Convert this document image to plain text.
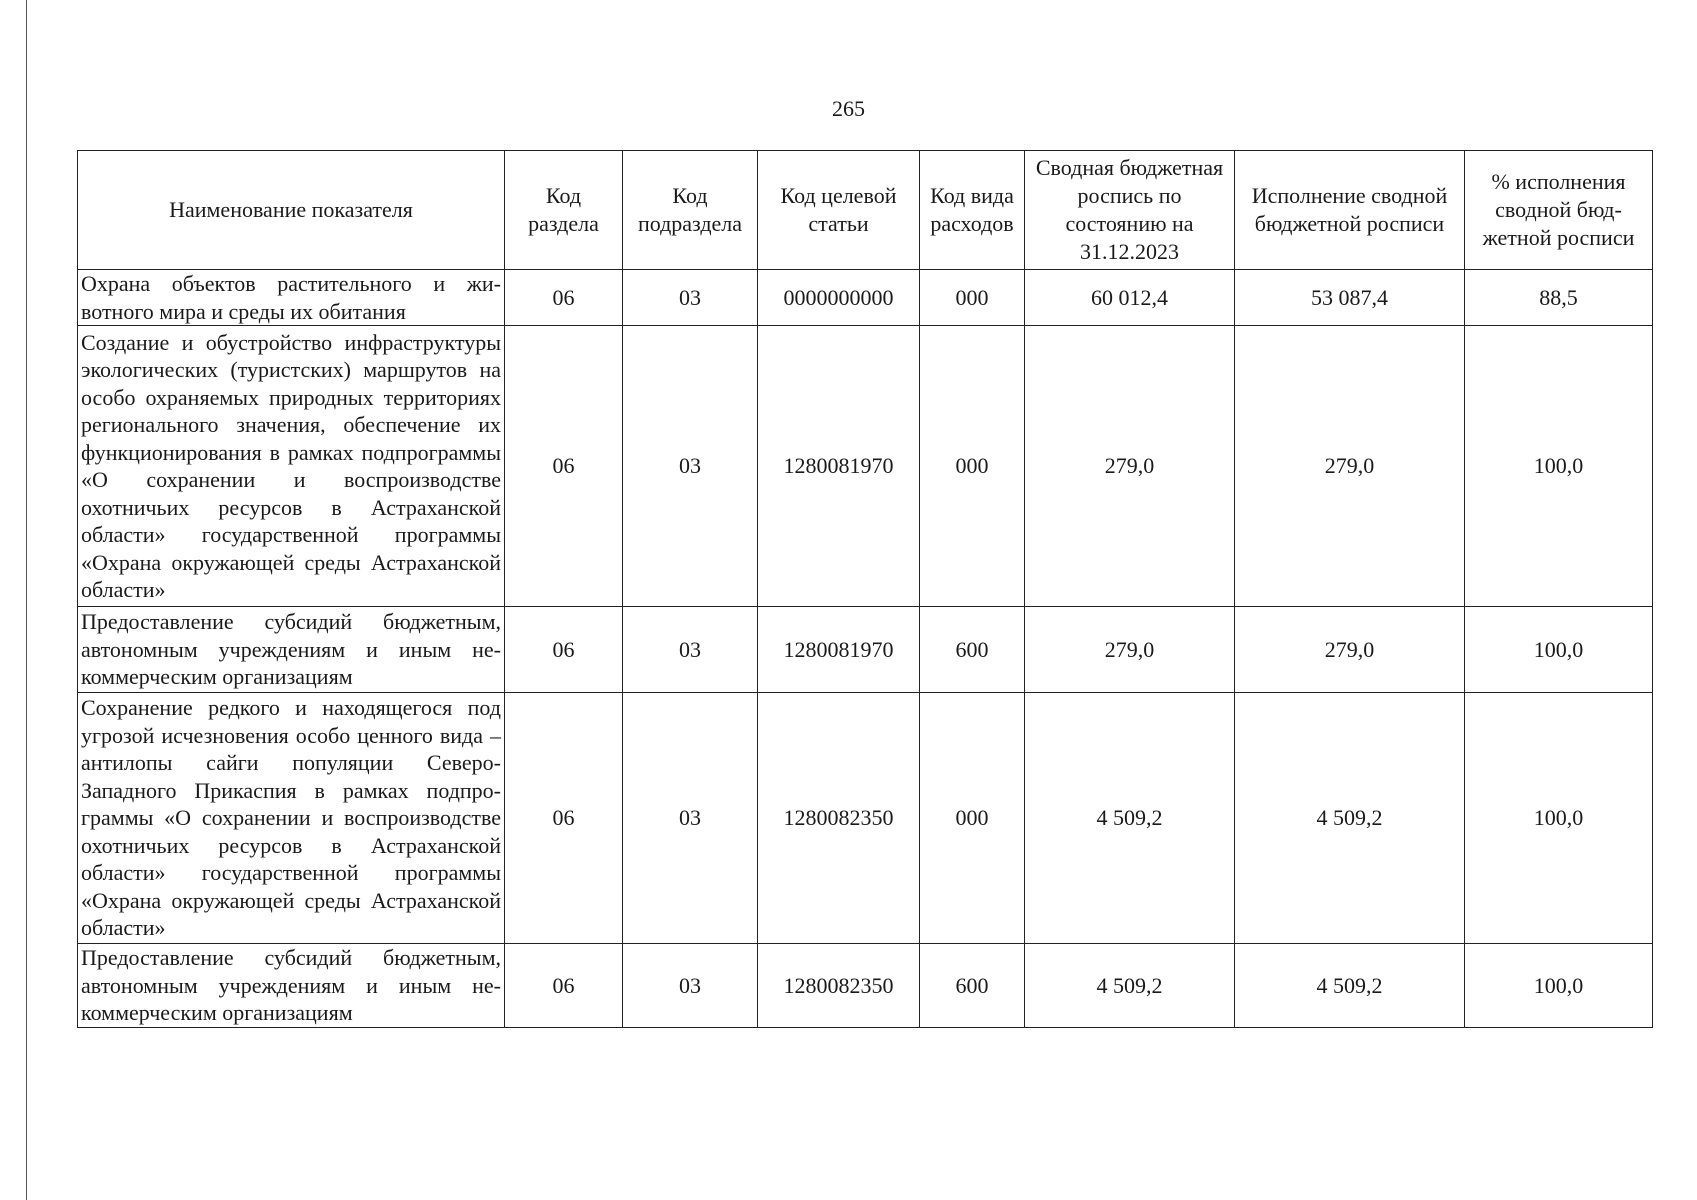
265
Наименование показателя	Код раздела	Код подраздела	Код целевой статьи	Код вида расходов	Сводная бюджетная роспись по состоянию на 31.12.2023	Исполнение сводной бюджетной росписи	% исполнения сводной бюд-жетной росписи
Охрана объектов растительного и животного мира и среды их обитания	06	03	0000000000	000	60 012,4	53 087,4	88,5
Создание и обустройство инфраструктуры экологических (туристских) маршрутов на особо охраняемых природных территориях регионального значения, обеспечение их функционирования в рамках подпрограммы «О сохранении и воспроизводстве охотничьих ресурсов в Астраханской области» государственной программы «Охрана окружающей среды Астраханской области»	06	03	1280081970	000	279,0	279,0	100,0
Предоставление субсидий бюджетным, автономным учреждениям и иным некоммерческим организациям	06	03	1280081970	600	279,0	279,0	100,0
Сохранение редкого и находящегося под угрозой исчезновения особо ценного вида – антилопы сайги популяции Северо-Западного Прикаспия в рамках подпрограммы «О сохранении и воспроизводстве охотничьих ресурсов в Астраханской области» государственной программы «Охрана окружающей среды Астраханской области»	06	03	1280082350	000	4 509,2	4 509,2	100,0
Предоставление субсидий бюджетным, автономным учреждениям и иным некоммерческим организациям	06	03	1280082350	600	4 509,2	4 509,2	100,0
